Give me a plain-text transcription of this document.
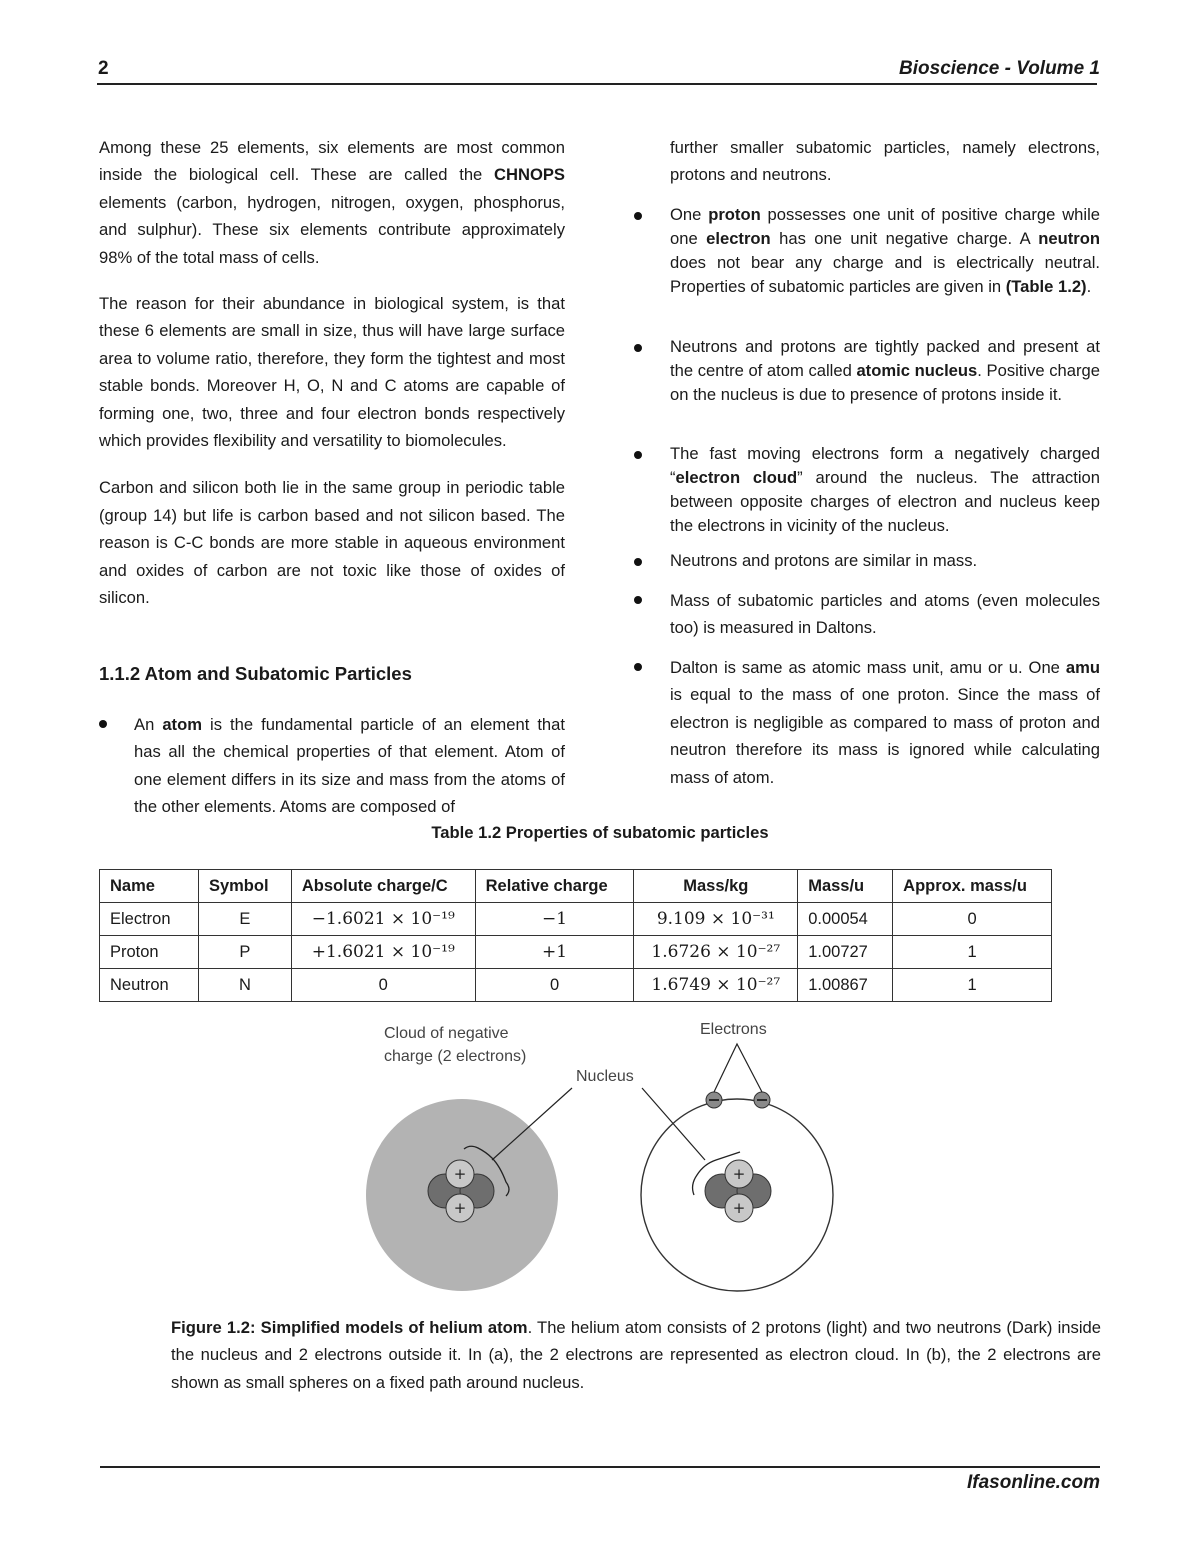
2	Bioscience - Volume 1

Among these 25 elements, six elements are most common inside the biological cell. These are called the CHNOPS elements (carbon, hydrogen, nitrogen, oxygen, phosphorus, and sulphur). These six elements contribute approximately 98% of the total mass of cells.

The reason for their abundance in biological system, is that these 6 elements are small in size, thus will have large surface area to volume ratio, therefore, they form the tightest and most stable bonds. Moreover H, O, N and C atoms are capable of forming one, two, three and four electron bonds respectively which provides flexibility and versatility to biomolecules.

Carbon and silicon both lie in the same group in periodic table (group 14) but life is carbon based and not silicon based. The reason is C-C bonds are more stable in aqueous environment and oxides of carbon are not toxic like those of oxides of silicon.

1.1.2 Atom and Subatomic Particles
An atom is the fundamental particle of an element that has all the chemical properties of that element. Atom of one element differs in its size and mass from the atoms of the other elements. Atoms are composed of

further smaller subatomic particles, namely electrons, protons and neutrons.

One proton possesses one unit of positive charge while one electron has one unit negative charge. A neutron does not bear any charge and is electrically neutral. Properties of subatomic particles are given in (Table 1.2).
Neutrons and protons are tightly packed and present at the centre of atom called atomic nucleus. Positive charge on the nucleus is due to presence of protons inside it.
The fast moving electrons form a negatively charged “electron cloud” around the nucleus. The attraction between opposite charges of electron and nucleus keep the electrons in vicinity of the nucleus.
Neutrons and protons are similar in mass.
Mass of subatomic particles and atoms (even molecules too) is measured in Daltons.
Dalton is same as atomic mass unit, amu or u. One amu is equal to the mass of one proton. Since the mass of electron is negligible as compared to mass of proton and neutron therefore its mass is ignored while calculating mass of atom.
Table 1.2 Properties of subatomic particles
Name	Symbol	Absolute charge/C	Relative charge	Mass/kg	Mass/u	Approx. mass/u
Electron	E	−1.6021 × 10⁻¹⁹	−1	9.109 × 10⁻³¹	0.00054	0
Proton	P	+1.6021 × 10⁻¹⁹	+1	1.6726 × 10⁻²⁷	1.00727	1
Neutron	N	0	0	1.6749 × 10⁻²⁷	1.00867	1
+
+
Cloud of negative
charge (2 electrons)
Nucleus
+
+
Electrons
Figure 1.2: Simplified models of helium atom. The helium atom consists of 2 protons (light) and two neutrons (Dark) inside the nucleus and 2 electrons outside it. In (a), the 2 electrons are represented as electron cloud. In (b), the 2 electrons are shown as small spheres on a fixed path around nucleus.
Ifasonline.com
